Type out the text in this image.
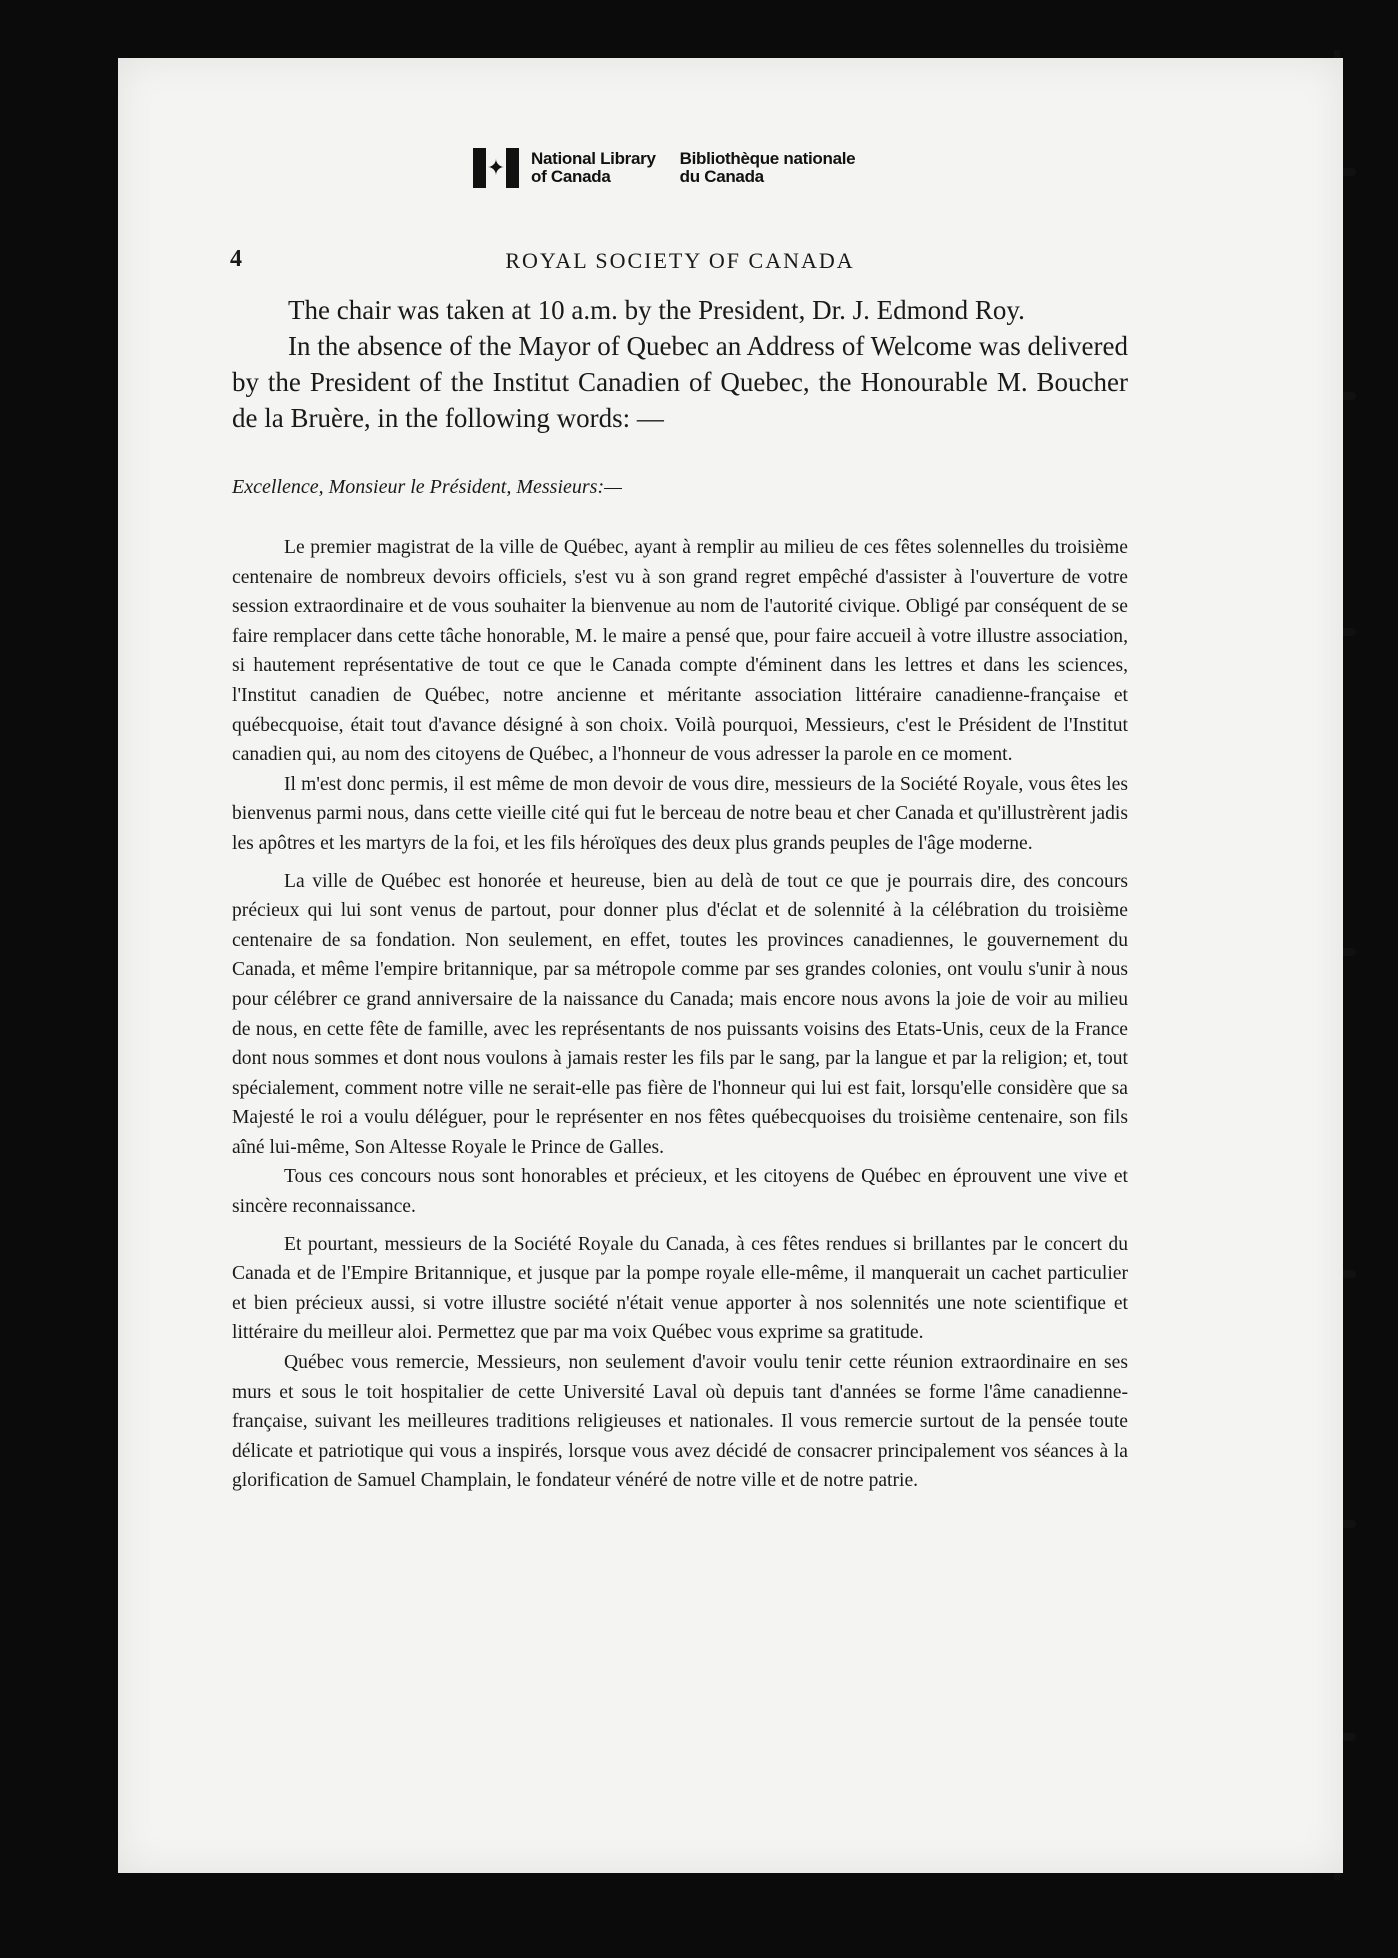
✦ National Library
of Canada
Bibliothèque nationale
du Canada
4	ROYAL SOCIETY OF CANADA

The chair was taken at 10 a.m. by the President, Dr. J. Edmond Roy.

In the absence of the Mayor of Quebec an Address of Welcome was delivered by the President of the Institut Canadien of Quebec, the Honourable M. Boucher de la Bruère, in the following words: —

Excellence, Monsieur le Président, Messieurs:—

Le premier magistrat de la ville de Québec, ayant à remplir au milieu de ces fêtes solennelles du troisième centenaire de nombreux devoirs officiels, s'est vu à son grand regret empêché d'assister à l'ouverture de votre session extraordinaire et de vous souhaiter la bienvenue au nom de l'autorité civique. Obligé par conséquent de se faire remplacer dans cette tâche honorable, M. le maire a pensé que, pour faire accueil à votre illustre association, si hautement représentative de tout ce que le Canada compte d'éminent dans les lettres et dans les sciences, l'Institut canadien de Québec, notre ancienne et méritante association littéraire canadienne-française et québecquoise, était tout d'avance désigné à son choix. Voilà pourquoi, Messieurs, c'est le Président de l'Institut canadien qui, au nom des citoyens de Québec, a l'honneur de vous adresser la parole en ce moment.

Il m'est donc permis, il est même de mon devoir de vous dire, messieurs de la Société Royale, vous êtes les bienvenus parmi nous, dans cette vieille cité qui fut le berceau de notre beau et cher Canada et qu'illustrèrent jadis les apôtres et les martyrs de la foi, et les fils héroïques des deux plus grands peuples de l'âge moderne.

La ville de Québec est honorée et heureuse, bien au delà de tout ce que je pourrais dire, des concours précieux qui lui sont venus de partout, pour donner plus d'éclat et de solennité à la célébration du troisième centenaire de sa fondation. Non seulement, en effet, toutes les provinces canadiennes, le gouvernement du Canada, et même l'empire britannique, par sa métropole comme par ses grandes colonies, ont voulu s'unir à nous pour célébrer ce grand anniversaire de la naissance du Canada; mais encore nous avons la joie de voir au milieu de nous, en cette fête de famille, avec les représentants de nos puissants voisins des Etats-Unis, ceux de la France dont nous sommes et dont nous voulons à jamais rester les fils par le sang, par la langue et par la religion; et, tout spécialement, comment notre ville ne serait-elle pas fière de l'honneur qui lui est fait, lorsqu'elle considère que sa Majesté le roi a voulu déléguer, pour le représenter en nos fêtes québecquoises du troisième centenaire, son fils aîné lui-même, Son Altesse Royale le Prince de Galles.

Tous ces concours nous sont honorables et précieux, et les citoyens de Québec en éprouvent une vive et sincère reconnaissance.

Et pourtant, messieurs de la Société Royale du Canada, à ces fêtes rendues si brillantes par le concert du Canada et de l'Empire Britannique, et jusque par la pompe royale elle-même, il manquerait un cachet particulier et bien précieux aussi, si votre illustre société n'était venue apporter à nos solennités une note scientifique et littéraire du meilleur aloi. Permettez que par ma voix Québec vous exprime sa gratitude.

Québec vous remercie, Messieurs, non seulement d'avoir voulu tenir cette réunion extraordinaire en ses murs et sous le toit hospitalier de cette Université Laval où depuis tant d'années se forme l'âme canadienne-française, suivant les meilleures traditions religieuses et nationales. Il vous remercie surtout de la pensée toute délicate et patriotique qui vous a inspirés, lorsque vous avez décidé de consacrer principalement vos séances à la glorification de Samuel Champlain, le fondateur vénéré de notre ville et de notre patrie.
